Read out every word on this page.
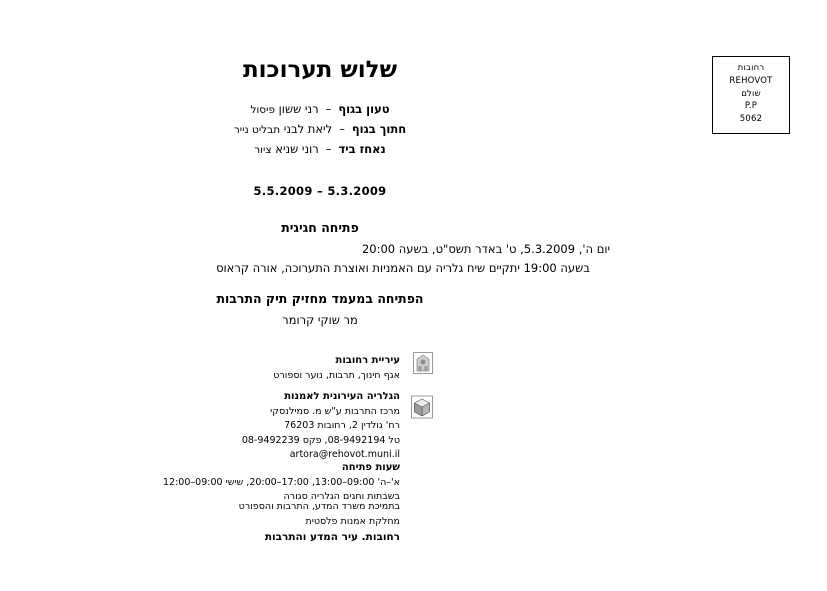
רחובות
REHOVOT
שולם
P.P
5062
שלוש תערוכות
טעון בגוף–רני ששון פיסול
חתוך בגוף–ליאת לבני תבליט נייר
נאחז ביד–רוני שניא ציור
5.3.2009 – 5.5.2009
פתיחה חגיגית
יום ה', 5.3.2009, ט' באדר תשס"ט, בשעה 20:00
בשעה 19:00 יתקיים שיח גלריה עם האמניות ואוצרת התערוכה, אורה קראוס
הפתיחה במעמד מחזיק תיק התרבות
מר שוקי קרומר
עיריית רחובות
אגף חינוך, תרבות, נוער וספורט
הגלריה העירונית לאמנות
מרכז התרבות ע"ש מ. סמילנסקי
רח' גולדין 2, רחובות 76203
טל 08-9492194, פקס 08-9492239
artora@rehovot.muni.il
שעות פתיחה
א'–ה' 09:00–13:00, 17:00–20:00, שישי 09:00–12:00
בשבתות וחגים הגלריה סגורה
בתמיכת משרד המדע, התרבות והספורט
מחלקת אמנות פלסטית
רחובות. עיר המדע והתרבות
